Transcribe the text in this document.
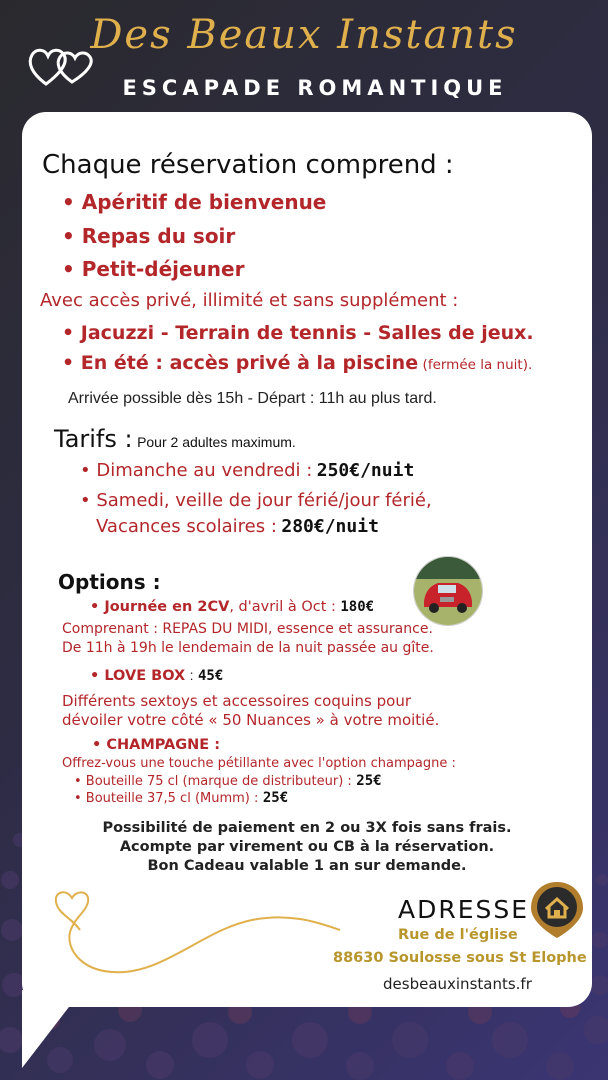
Des Beaux Instants
ESCAPADE ROMANTIQUE
Chaque réservation comprend :
• Apéritif de bienvenue
• Repas du soir
• Petit-déjeuner
Avec accès privé, illimité et sans supplément :
• Jacuzzi - Terrain de tennis - Salles de jeux.
• En été : accès privé à la piscine (fermée la nuit).
Arrivée possible dès 15h - Départ : 11h au plus tard.
Tarifs : Pour 2 adultes maximum.
• Dimanche au vendredi : 250€/nuit
• Samedi, veille de jour férié/jour férié,
Vacances scolaires : 280€/nuit
Options :
• Journée en 2CV, d'avril à Oct : 180€
Comprenant : REPAS DU MIDI, essence et assurance.
De 11h à 19h le lendemain de la nuit passée au gîte.
• LOVE BOX : 45€
Différents sextoys et accessoires coquins pour
dévoiler votre côté « 50 Nuances » à votre moitié.
• CHAMPAGNE :
Offrez-vous une touche pétillante avec l'option champagne :
• Bouteille 75 cl (marque de distributeur) : 25€
• Bouteille 37,5 cl (Mumm) : 25€
Possibilité de paiement en 2 ou 3X fois sans frais.
Acompte par virement ou CB à la réservation.
Bon Cadeau valable 1 an sur demande.
ADRESSE
Rue de l'église
88630 Soulosse sous St Elophe
desbeauxinstants.fr
